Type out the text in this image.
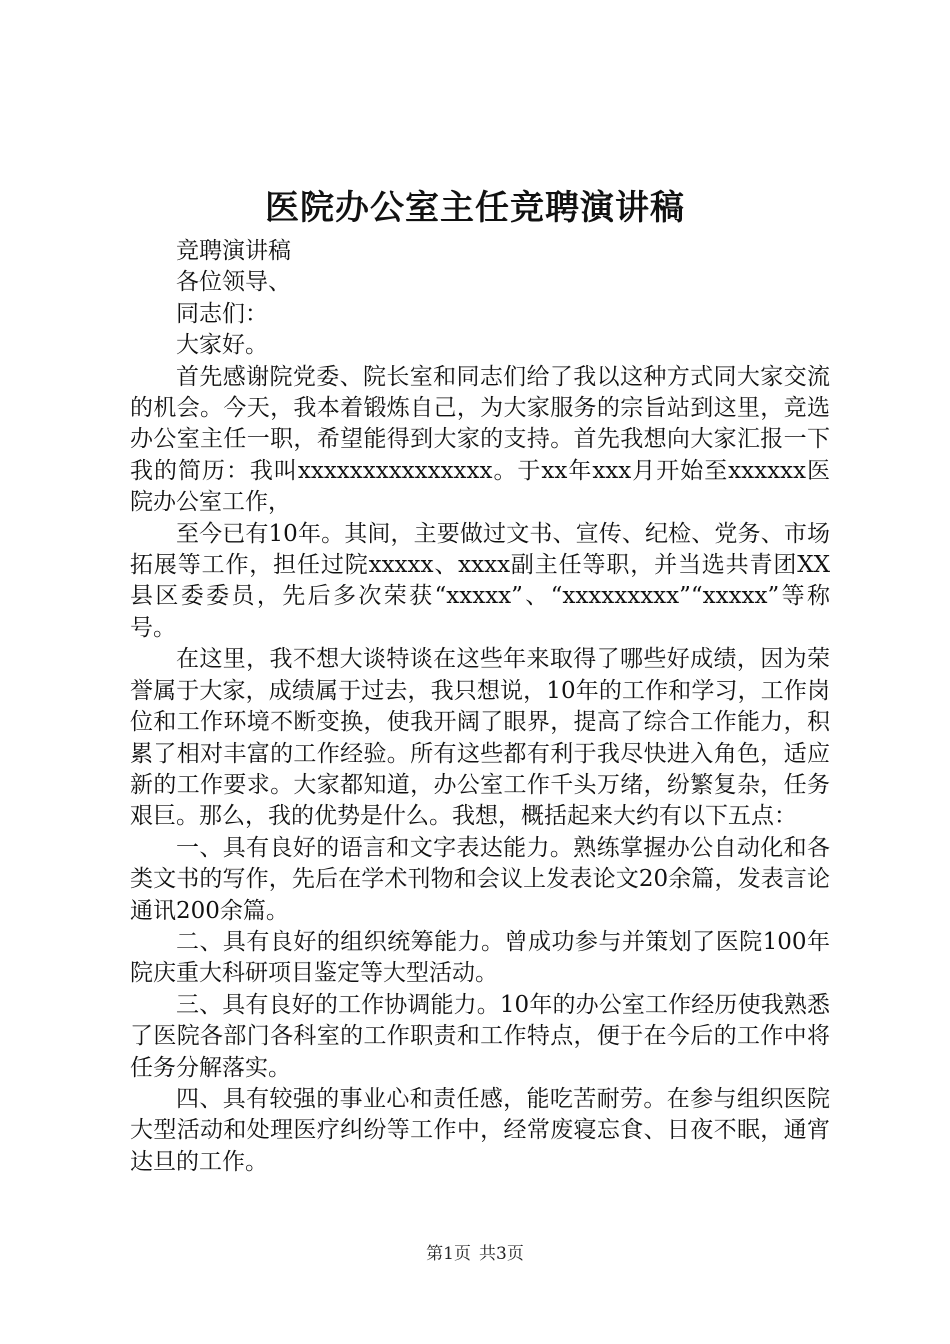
医院办公室主任竞聘演讲稿

竞聘演讲稿

各位领导、

同志们：

大家好。

首先感谢院党委、院长室和同志们给了我以这种方式同大家交流的机会。今天，我本着锻炼自己，为大家服务的宗旨站到这里，竞选办公室主任一职，希望能得到大家的支持。首先我想向大家汇报一下我的简历：我叫xxxxxxxxxxxxxxx。于xx年xxx月开始至xxxxxx医院办公室工作，

至今已有10年。其间，主要做过文书、宣传、纪检、党务、市场拓展等工作，担任过院xxxxx、xxxx副主任等职，并当选共青团XX县区委委员，先后多次荣获“xxxxx”、“xxxxxxxxx”“xxxxx”等称号。

在这里，我不想大谈特谈在这些年来取得了哪些好成绩，因为荣誉属于大家，成绩属于过去，我只想说，10年的工作和学习，工作岗位和工作环境不断变换，使我开阔了眼界，提高了综合工作能力，积累了相对丰富的工作经验。所有这些都有利于我尽快进入角色，适应新的工作要求。大家都知道，办公室工作千头万绪，纷繁复杂，任务艰巨。那么，我的优势是什么。我想，概括起来大约有以下五点：

一、具有良好的语言和文字表达能力。熟练掌握办公自动化和各类文书的写作，先后在学术刊物和会议上发表论文20余篇，发表言论通讯200余篇。

二、具有良好的组织统筹能力。曾成功参与并策划了医院100年院庆重大科研项目鉴定等大型活动。

三、具有良好的工作协调能力。10年的办公室工作经历使我熟悉了医院各部门各科室的工作职责和工作特点，便于在今后的工作中将任务分解落实。

四、具有较强的事业心和责任感，能吃苦耐劳。在参与组织医院大型活动和处理医疗纠纷等工作中，经常废寝忘食、日夜不眠，通宵达旦的工作。

第1页 共3页
